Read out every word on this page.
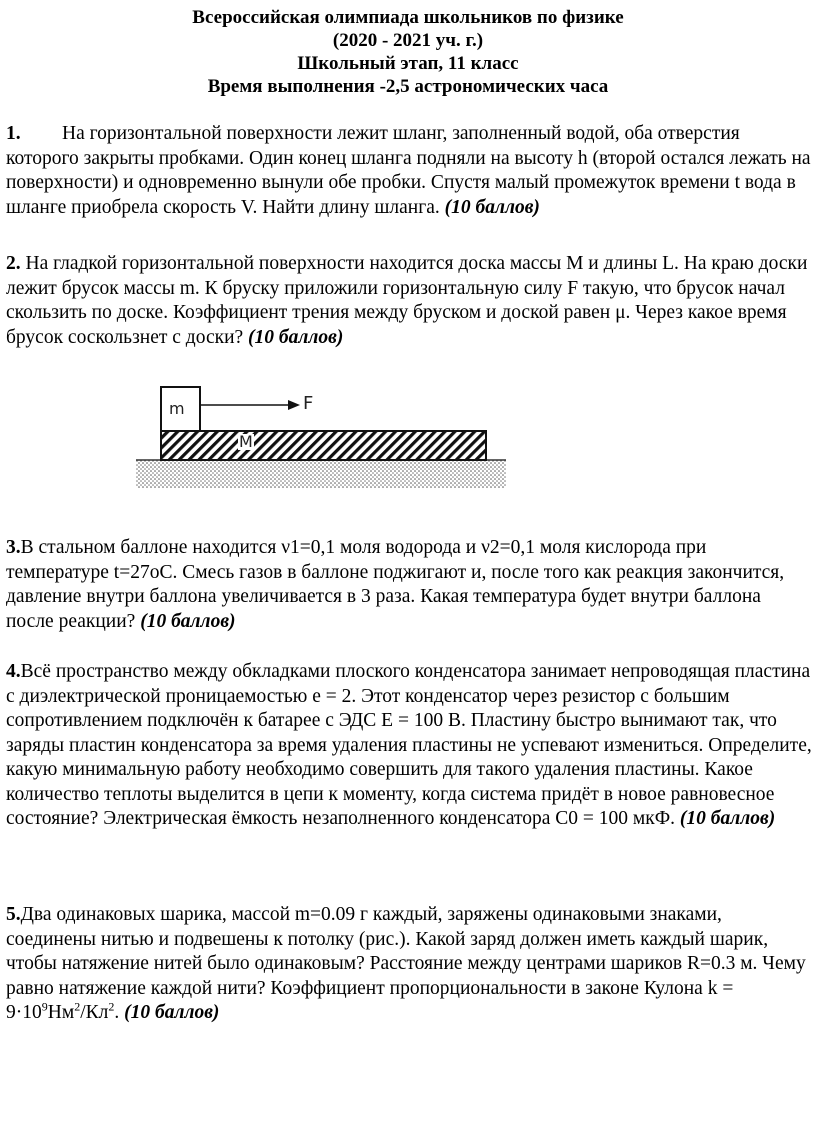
Всероссийская олимпиада школьников по физике
(2020 - 2021 уч. г.)
Школьный этап, 11 класс
Время выполнения -2,5 астрономических часа
1. На горизонтальной поверхности лежит шланг, заполненный водой, оба отверстия которого закрыты пробками. Один конец шланга подняли на высоту h (второй остался лежать на поверхности) и одновременно вынули обе пробки. Спустя малый промежуток времени t вода в шланге приобрела скорость V. Найти длину шланга. (10 баллов)
2. На гладкой горизонтальной поверхности находится доска массы M и длины L. На краю доски лежит брусок массы m. К бруску приложили горизонтальную силу F такую, что брусок начал скользить по доске. Коэффициент трения между бруском и доской равен μ. Через какое время брусок соскользнет с доски? (10 баллов)
m	F
M
3.В стальном баллоне находится ν1=0,1 моля водорода и ν2=0,1 моля кислорода при температуре t=27oC. Смесь газов в баллоне поджигают и, после того как реакция закончится, давление внутри баллона увеличивается в 3 раза. Какая температура будет внутри баллона после реакции? (10 баллов)
4.Всё пространство между обкладками плоского конденсатора занимает непроводящая пластина с диэлектрической проницаемостью e = 2. Этот конденсатор через резистор с большим сопротивлением подключён к батарее с ЭДС E = 100 В. Пластину быстро вынимают так, что заряды пластин конденсатора за время удаления пластины не успевают измениться. Определите, какую минимальную работу необходимо совершить для такого удаления пластины. Какое количество теплоты выделится в цепи к моменту, когда система придёт в новое равновесное состояние? Электрическая ёмкость незаполненного конденсатора C0 = 100 мкФ. (10 баллов)
5.Два одинаковых шарика, массой m=0.09 г каждый, заряжены одинаковыми знаками, соединены нитью и подвешены к потолку (рис.). Какой заряд должен иметь каждый шарик, чтобы натяжение нитей было одинаковым? Расстояние между центрами шариков R=0.3 м. Чему равно натяжение каждой нити? Коэффициент пропорциональности в законе Кулона $k = 9\cdot 10^9Нм^2/Кл^2$. (10 баллов)
